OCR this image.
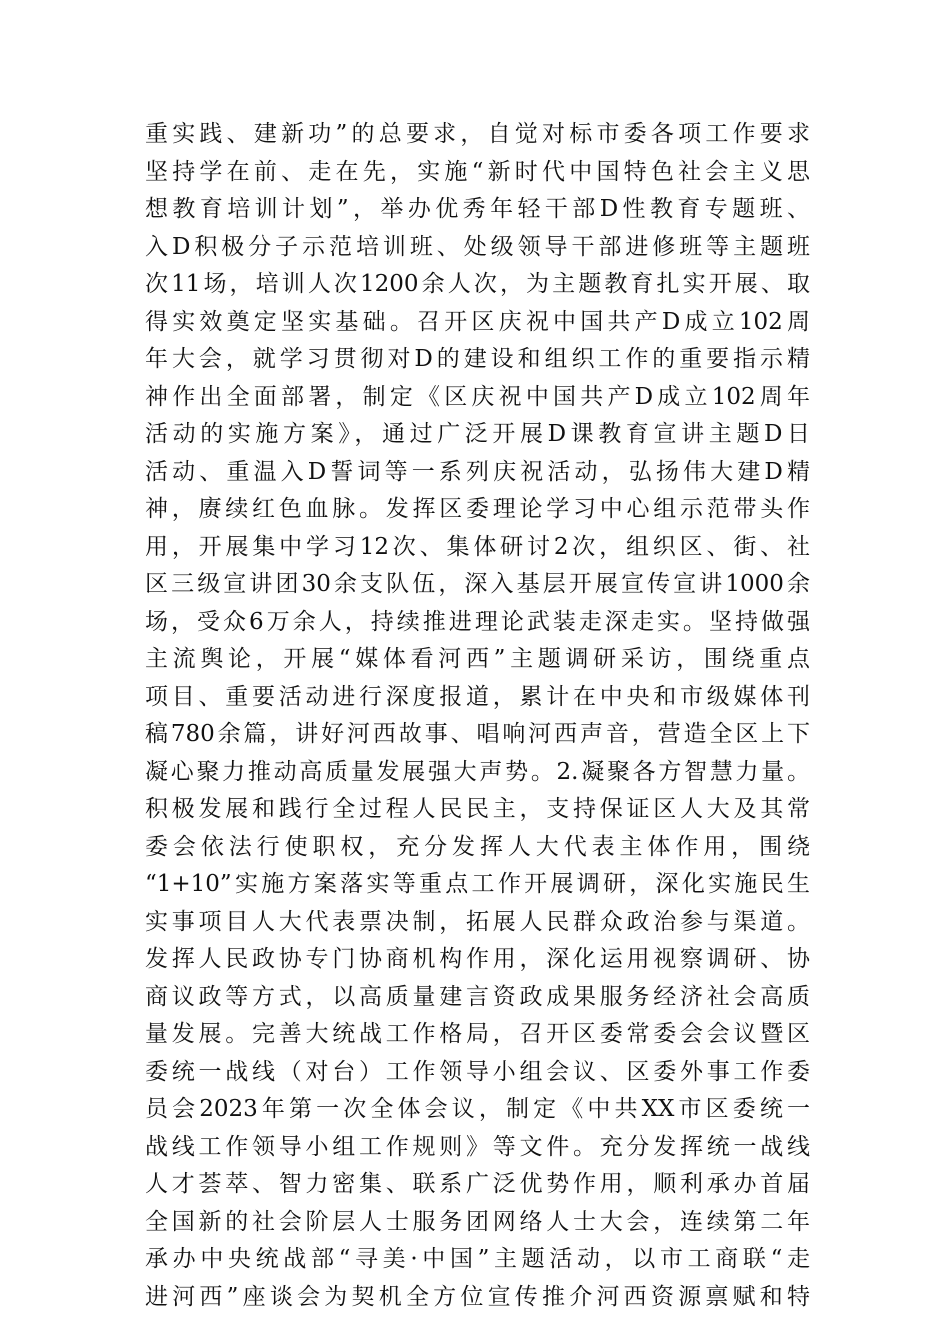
重实践、建新功”的总要求，自觉对标市委各项工作要求
坚持学在前、走在先，实施“新时代中国特色社会主义思
想教育培训计划”，举办优秀年轻干部D性教育专题班、
入D积极分子示范培训班、处级领导干部进修班等主题班
次11场，培训人次1200余人次，为主题教育扎实开展、取
得实效奠定坚实基础。召开区庆祝中国共产D成立102周
年大会，就学习贯彻对D的建设和组织工作的重要指示精
神作出全面部署，制定《区庆祝中国共产D成立102周年
活动的实施方案》，通过广泛开展D课教育宣讲主题D日
活动、重温入D誓词等一系列庆祝活动，弘扬伟大建D精
神，赓续红色血脉。发挥区委理论学习中心组示范带头作
用，开展集中学习12次、集体研讨2次，组织区、街、社
区三级宣讲团30余支队伍，深入基层开展宣传宣讲1000余
场，受众6万余人，持续推进理论武装走深走实。坚持做强
主流舆论，开展“媒体看河西”主题调研采访，围绕重点
项目、重要活动进行深度报道，累计在中央和市级媒体刊
稿780余篇，讲好河西故事、唱响河西声音，营造全区上下
凝心聚力推动高质量发展强大声势。2.凝聚各方智慧力量。
积极发展和践行全过程人民民主，支持保证区人大及其常
委会依法行使职权，充分发挥人大代表主体作用，围绕
“1+10”实施方案落实等重点工作开展调研，深化实施民生
实事项目人大代表票决制，拓展人民群众政治参与渠道。
发挥人民政协专门协商机构作用，深化运用视察调研、协
商议政等方式，以高质量建言资政成果服务经济社会高质
量发展。完善大统战工作格局，召开区委常委会会议暨区
委统一战线（对台）工作领导小组会议、区委外事工作委
员会2023年第一次全体会议，制定《中共XX市区委统一
战线工作领导小组工作规则》等文件。充分发挥统一战线
人才荟萃、智力密集、联系广泛优势作用，顺利承办首届
全国新的社会阶层人士服务团网络人士大会，连续第二年
承办中央统战部“寻美·中国”主题活动，以市工商联“走
进河西”座谈会为契机全方位宣传推介河西资源禀赋和特
